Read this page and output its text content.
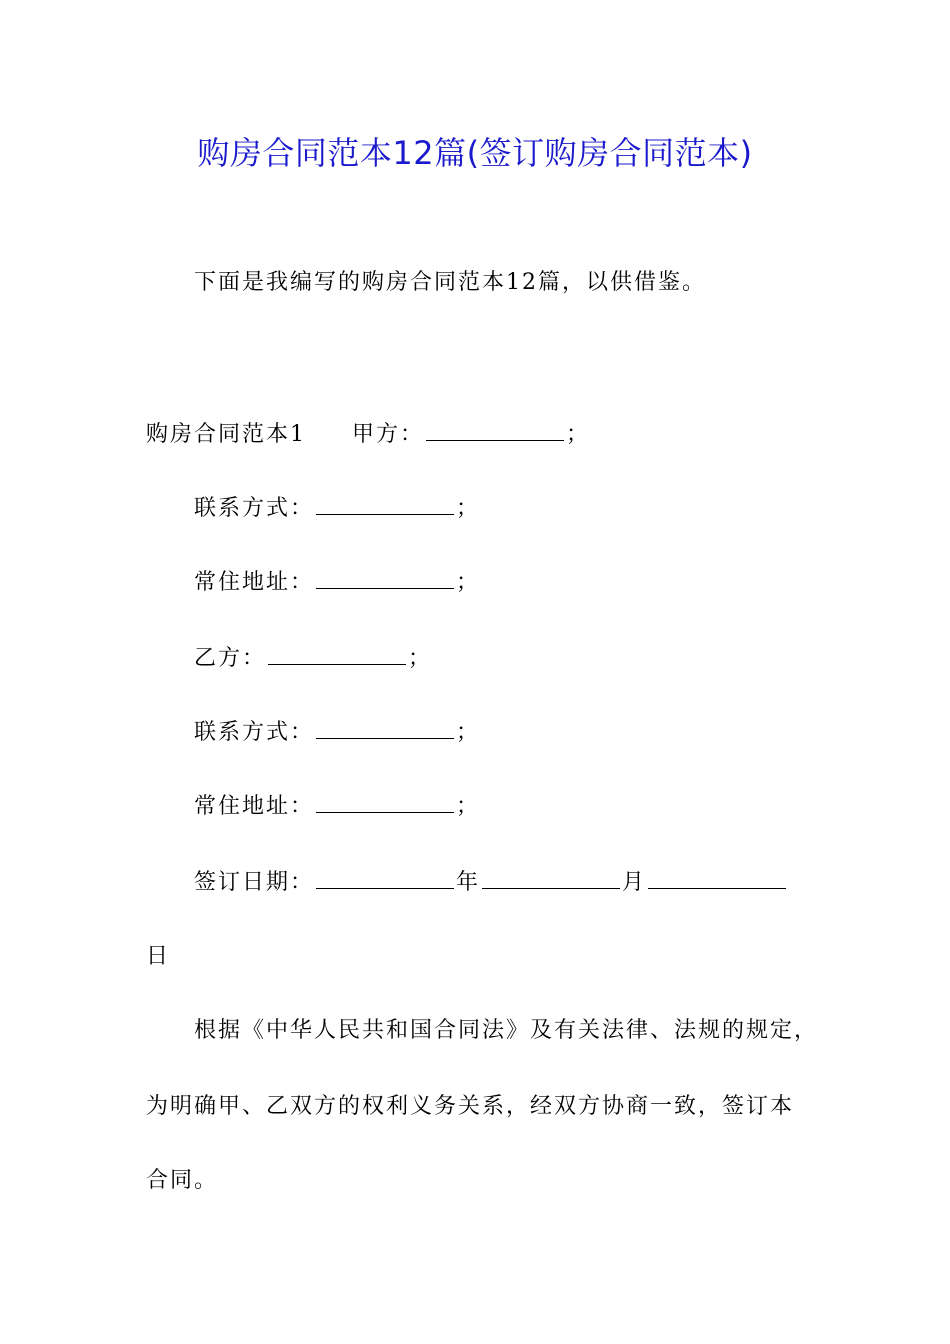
购房合同范本12篇(签订购房合同范本)
下面是我编写的购房合同范本12篇，以供借鉴。
购房合同范本1 甲方：	；
联系方式：	；
常住地址：	；
乙方：	；
联系方式：	；
常住地址：	；
签订日期：	年	月
日
根据《中华人民共和国合同法》及有关法律、法规的规定，
为明确甲、乙双方的权利义务关系，经双方协商一致，签订本
合同。
